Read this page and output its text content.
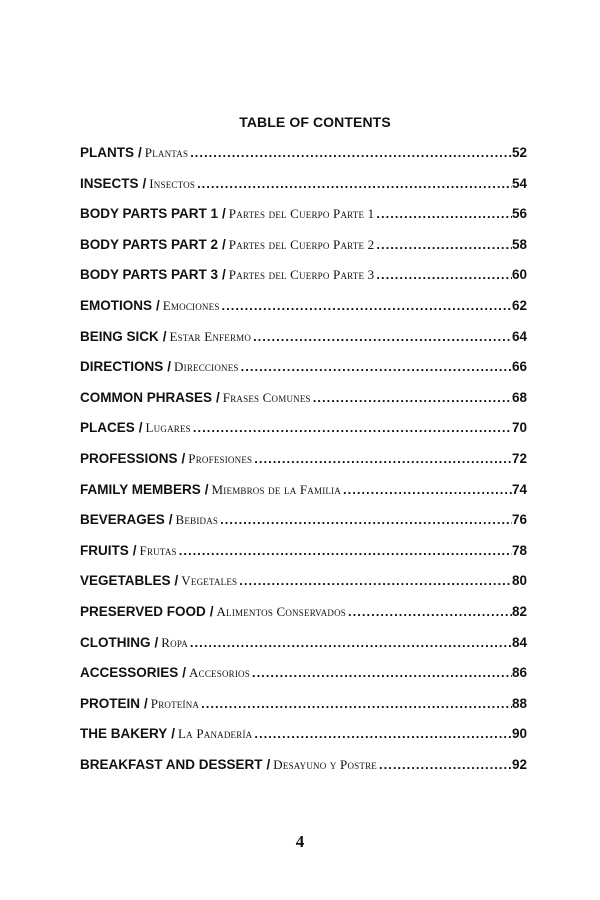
TABLE OF CONTENTS
PLANTS / Plantas .....	52
INSECTS / Insectos .....	54
BODY PARTS PART 1 / Partes del Cuerpo Parte 1 .....	56
BODY PARTS PART 2 / Partes del Cuerpo Parte 2 .....	58
BODY PARTS PART 3 / Partes del Cuerpo Parte 3 .....	60
EMOTIONS / Emociones .....	62
BEING SICK / Estar Enfermo .....	64
DIRECTIONS / Direcciones .....	66
COMMON PHRASES / Frases Comunes .....	68
PLACES / Lugares .....	70
PROFESSIONS / Profesiones .....	72
FAMILY MEMBERS / Miembros de la Familia .....	74
BEVERAGES / Bebidas .....	76
FRUITS / Frutas .....	78
VEGETABLES / Vegetales .....	80
PRESERVED FOOD / Alimentos Conservados .....	82
CLOTHING / Ropa .....	84
ACCESSORIES / Accesorios .....	86
PROTEIN / Proteína .....	88
THE BAKERY / La Panadería .....	90
BREAKFAST AND DESSERT / Desayuno y Postre .....	92
4
